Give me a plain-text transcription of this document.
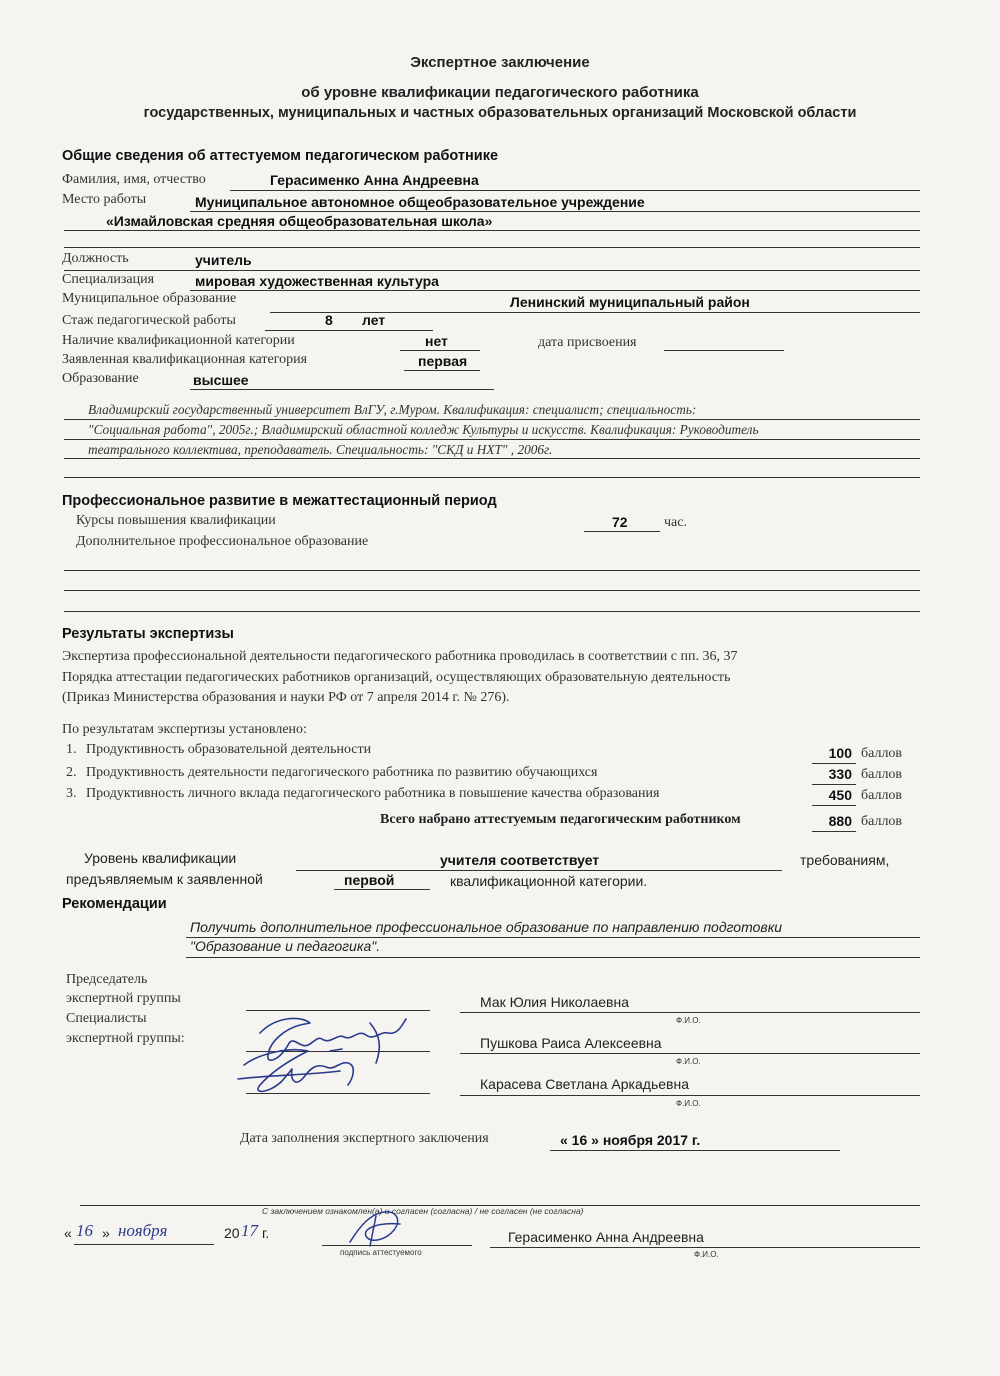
Экспертное заключение
об уровне квалификации педагогического работника
государственных, муниципальных и частных образовательных организаций Московской области
Общие сведения об аттестуемом педагогическом работнике
Фамилия, имя, отчество	Герасименко Анна Андреевна
Место работы	Муниципальное автономное общеобразовательное учреждение
«Измайловская средняя общеобразовательная школа»
Должность	учитель
Специализация	мировая художественная культура
Муниципальное образование	Ленинский муниципальный район
Стаж педагогической работы	8 лет
Наличие квалификационной категории	нет	дата присвоения
Заявленная квалификационная категория	первая
Образование	высшее
Владимирский государственный университет ВлГУ, г.Муром. Квалификация: специалист; специальность:
"Социальная работа", 2005г.; Владимирский областной колледж Культуры и искусств. Квалификация: Руководитель
театрального коллектива, преподаватель. Специальность: "СКД и НХТ" , 2006г.
Профессиональное развитие в межаттестационный период
Курсы повышения квалификации	72	час.
Дополнительное профессиональное образование
Результаты экспертизы
Экспертиза профессиональной деятельности педагогического работника проводилась в соответствии с пп. 36, 37
Порядка аттестации педагогических работников организаций, осуществляющих образовательную деятельность
(Приказ Министерства образования и науки РФ от 7 апреля 2014 г. № 276).
По результатам экспертизы установлено:
1. Продуктивность образовательной деятельности	100 баллов
2. Продуктивность деятельности педагогического работника по развитию обучающихся	330 баллов
3. Продуктивность личного вклада педагогического работника в повышение качества образования	450 баллов
Всего набрано аттестуемым педагогическим работником	880 баллов
Уровень квалификации	учителя соответствует	требованиям,
предъявляемым к заявленной	первой	квалификационной категории.
Рекомендации
Получить дополнительное профессиональное образование по направлению подготовки
"Образование и педагогика".
Председатель
экспертной группы	Мак Юлия Николаевна
Ф.И.О.
Специалисты
экспертной группы:	Пушкова Раиса Алексеевна
Ф.И.О.
Карасева Светлана Аркадьевна
Ф.И.О.
Дата заполнения экспертного заключения	« 16 » ноября 2017 г.
С заключением ознакомлен(а) и согласен (согласна) / не согласен (не согласна)
« 16 » ноября	20 17 г.
подпись аттестуемого
Герасименко Анна Андреевна
Ф.И.О.
